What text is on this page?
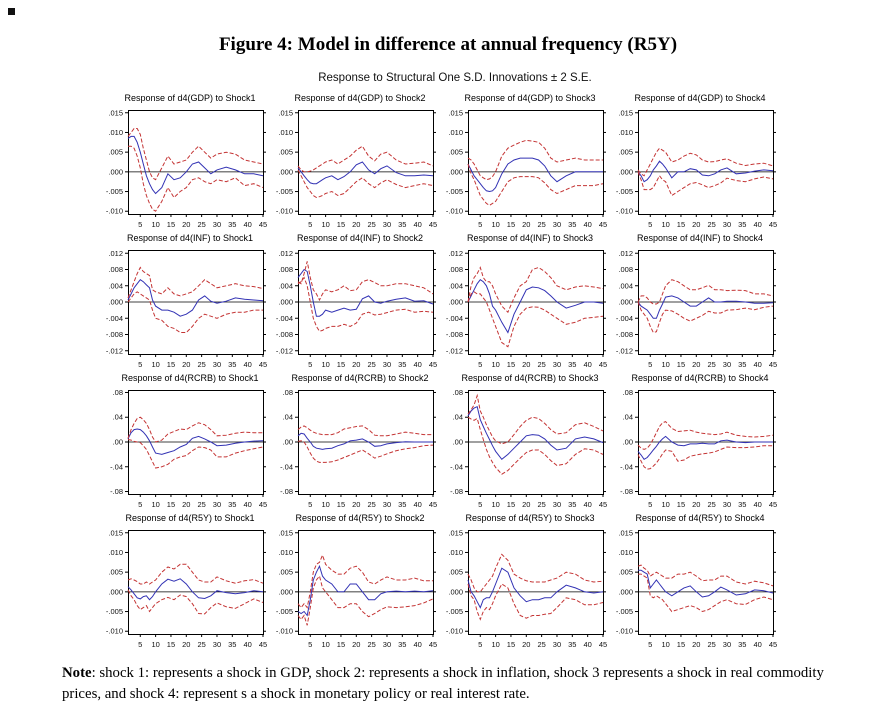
Figure 4: Model in difference at annual frequency (R5Y)
Response to Structural One S.D. Innovations ± 2 S.E.
Response of d4(GDP) to Shock1
.015
.010
.005
.000
-.005
-.010
5 10 15 20 25 30 35 40 45
Response of d4(GDP) to Shock2
.015
.010
.005
.000
-.005
-.010
5 10 15 20 25 30 35 40 45
Response of d4(GDP) to Shock3
.015
.010
.005
.000
-.005
-.010
5 10 15 20 25 30 35 40 45
Response of d4(GDP) to Shock4
.015
.010
.005
.000
-.005
-.010
5 10 15 20 25 30 35 40 45
Response of d4(INF) to Shock1
.012
.008
.004
.000
-.004
-.008
-.012
5 10 15 20 25 30 35 40 45
Response of d4(INF) to Shock2
.012
.008
.004
.000
-.004
-.008
-.012
5 10 15 20 25 30 35 40 45
Response of d4(INF) to Shock3
.012
.008
.004
.000
-.004
-.008
-.012
5 10 15 20 25 30 35 40 45
Response of d4(INF) to Shock4
.012
.008
.004
.000
-.004
-.008
-.012
5 10 15 20 25 30 35 40 45
Response of d4(RCRB) to Shock1
.08
.04
.00
-.04
-.08
5 10 15 20 25 30 35 40 45
Response of d4(RCRB) to Shock2
.08
.04
.00
-.04
-.08
5 10 15 20 25 30 35 40 45
Response of d4(RCRB) to Shock3
.08
.04
.00
-.04
-.08
5 10 15 20 25 30 35 40 45
Response of d4(RCRB) to Shock4
.08
.04
.00
-.04
-.08
5 10 15 20 25 30 35 40 45
Response of d4(R5Y) to Shock1
.015
.010
.005
.000
-.005
-.010
5 10 15 20 25 30 35 40 45
Response of d4(R5Y) to Shock2
.015
.010
.005
.000
-.005
-.010
5 10 15 20 25 30 35 40 45
Response of d4(R5Y) to Shock3
.015
.010
.005
.000
-.005
-.010
5 10 15 20 25 30 35 40 45
Response of d4(R5Y) to Shock4
.015
.010
.005
.000
-.005
-.010
5 10 15 20 25 30 35 40 45
Note: shock 1: represents a shock in GDP, shock 2: represents a shock in inflation, shock 3 represents a shock in real commodity prices, and shock 4: represent s a shock in monetary policy or real interest rate.
